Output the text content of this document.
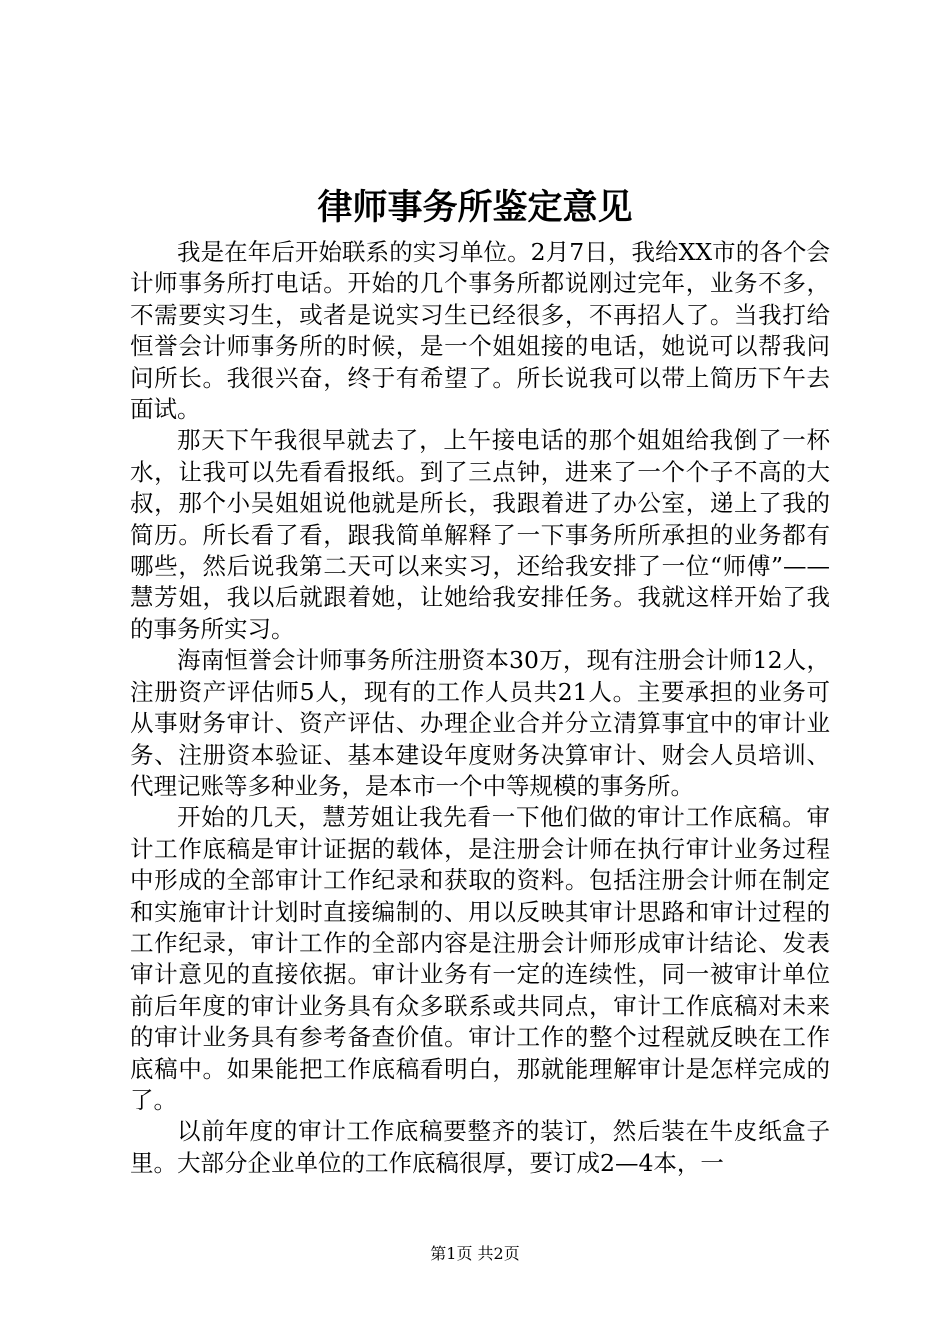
律师事务所鉴定意见

我是在年后开始联系的实习单位。2月7日，我给XX市的各个会计师事务所打电话。开始的几个事务所都说刚过完年，业务不多，不需要实习生，或者是说实习生已经很多，不再招人了。当我打给恒誉会计师事务所的时候，是一个姐姐接的电话，她说可以帮我问问所长。我很兴奋，终于有希望了。所长说我可以带上简历下午去面试。

那天下午我很早就去了，上午接电话的那个姐姐给我倒了一杯水，让我可以先看看报纸。到了三点钟，进来了一个个子不高的大叔，那个小吴姐姐说他就是所长，我跟着进了办公室，递上了我的简历。所长看了看，跟我简单解释了一下事务所所承担的业务都有哪些，然后说我第二天可以来实习，还给我安排了一位“师傅”——慧芳姐，我以后就跟着她，让她给我安排任务。我就这样开始了我的事务所实习。

海南恒誉会计师事务所注册资本30万，现有注册会计师12人，注册资产评估师5人，现有的工作人员共21人。主要承担的业务可从事财务审计、资产评估、办理企业合并分立清算事宜中的审计业务、注册资本验证、基本建设年度财务决算审计、财会人员培训、代理记账等多种业务，是本市一个中等规模的事务所。

开始的几天，慧芳姐让我先看一下他们做的审计工作底稿。审计工作底稿是审计证据的载体，是注册会计师在执行审计业务过程中形成的全部审计工作纪录和获取的资料。包括注册会计师在制定和实施审计计划时直接编制的、用以反映其审计思路和审计过程的工作纪录，审计工作的全部内容是注册会计师形成审计结论、发表审计意见的直接依据。审计业务有一定的连续性，同一被审计单位前后年度的审计业务具有众多联系或共同点，审计工作底稿对未来的审计业务具有参考备查价值。审计工作的整个过程就反映在工作底稿中。如果能把工作底稿看明白，那就能理解审计是怎样完成的了。

以前年度的审计工作底稿要整齐的装订，然后装在牛皮纸盒子里。大部分企业单位的工作底稿很厚，要订成2—4本，一

第1页 共2页
